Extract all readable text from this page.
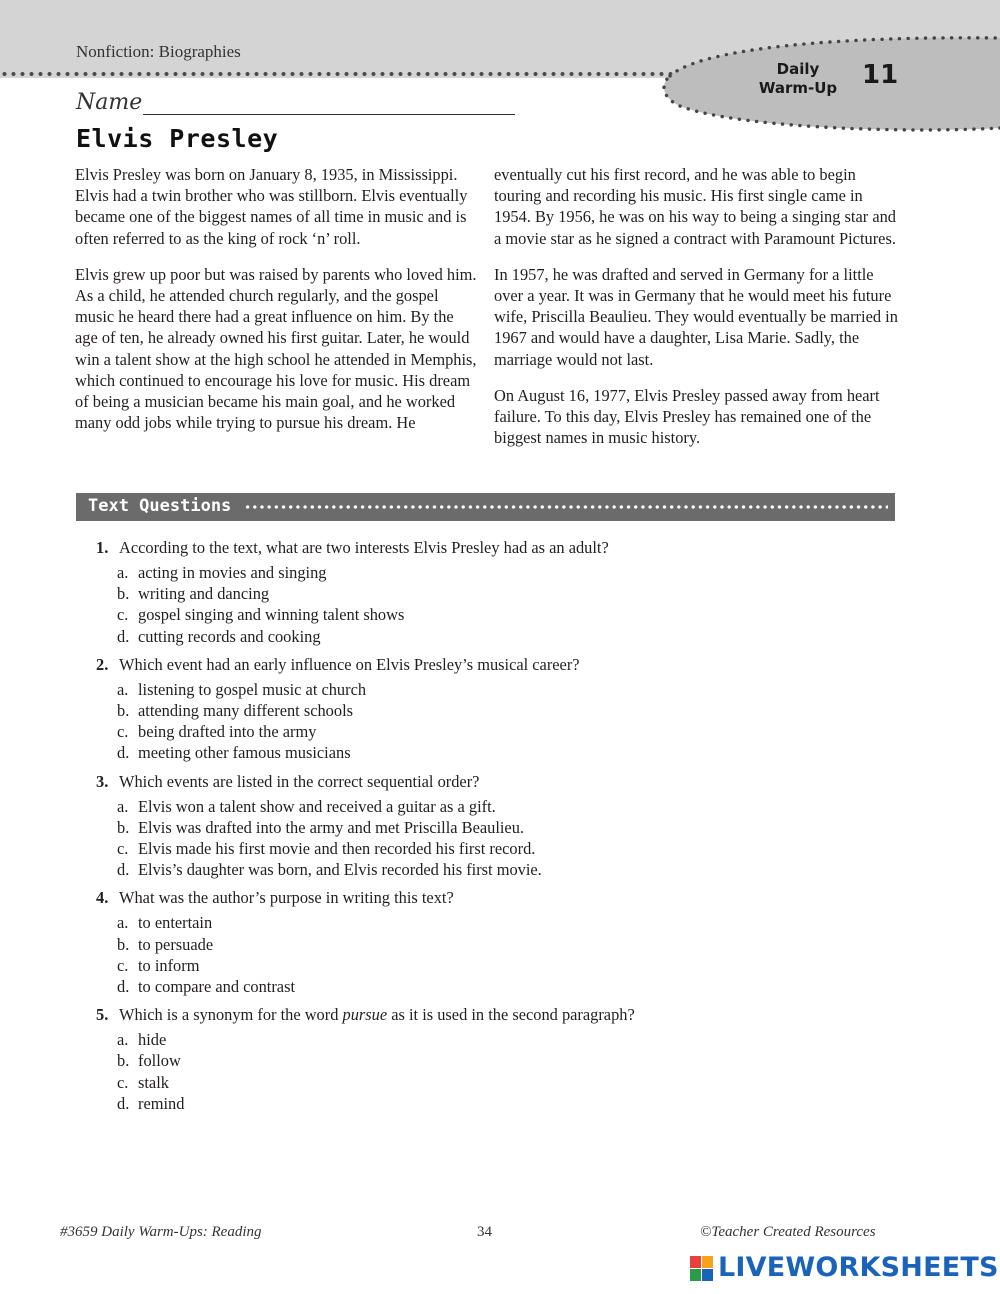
Nonfiction: Biographies
Daily
Warm-Up 11
Name
Elvis Presley

Elvis Presley was born on January 8, 1935, in Mississippi. Elvis had a twin brother who was stillborn. Elvis eventually became one of the biggest names of all time in music and is often referred to as the king of rock ‘n’ roll.

Elvis grew up poor but was raised by parents who loved him. As a child, he attended church regularly, and the gospel music he heard there had a great influence on him. By the age of ten, he already owned his first guitar. Later, he would win a talent show at the high school he attended in Memphis, which continued to encourage his love for music. His dream of being a musician became his main goal, and he worked many odd jobs while trying to pursue his dream. He

eventually cut his first record, and he was able to begin touring and recording his music. His first single came in 1954. By 1956, he was on his way to being a singing star and a movie star as he signed a contract with Paramount Pictures.

In 1957, he was drafted and served in Germany for a little over a year. It was in Germany that he would meet his future wife, Priscilla Beaulieu. They would eventually be married in 1967 and would have a daughter, Lisa Marie. Sadly, the marriage would not last.

On August 16, 1977, Elvis Presley passed away from heart failure. To this day, Elvis Presley has remained one of the biggest names in music history.

Text Questions
1. According to the text, what are two interests Elvis Presley had as an adult?
a. acting in movies and singing
b. writing and dancing
c. gospel singing and winning talent shows
d. cutting records and cooking
2. Which event had an early influence on Elvis Presley’s musical career?
a. listening to gospel music at church
b. attending many different schools
c. being drafted into the army
d. meeting other famous musicians
3. Which events are listed in the correct sequential order?
a. Elvis won a talent show and received a guitar as a gift.
b. Elvis was drafted into the army and met Priscilla Beaulieu.
c. Elvis made his first movie and then recorded his first record.
d. Elvis’s daughter was born, and Elvis recorded his first movie.
4. What was the author’s purpose in writing this text?
a. to entertain
b. to persuade
c. to inform
d. to compare and contrast
5. Which is a synonym for the word pursue as it is used in the second paragraph?
a. hide
b. follow
c. stalk
d. remind
#3659 Daily Warm-Ups: Reading	34	©Teacher Created Resources
LIVEWORKSHEETS
